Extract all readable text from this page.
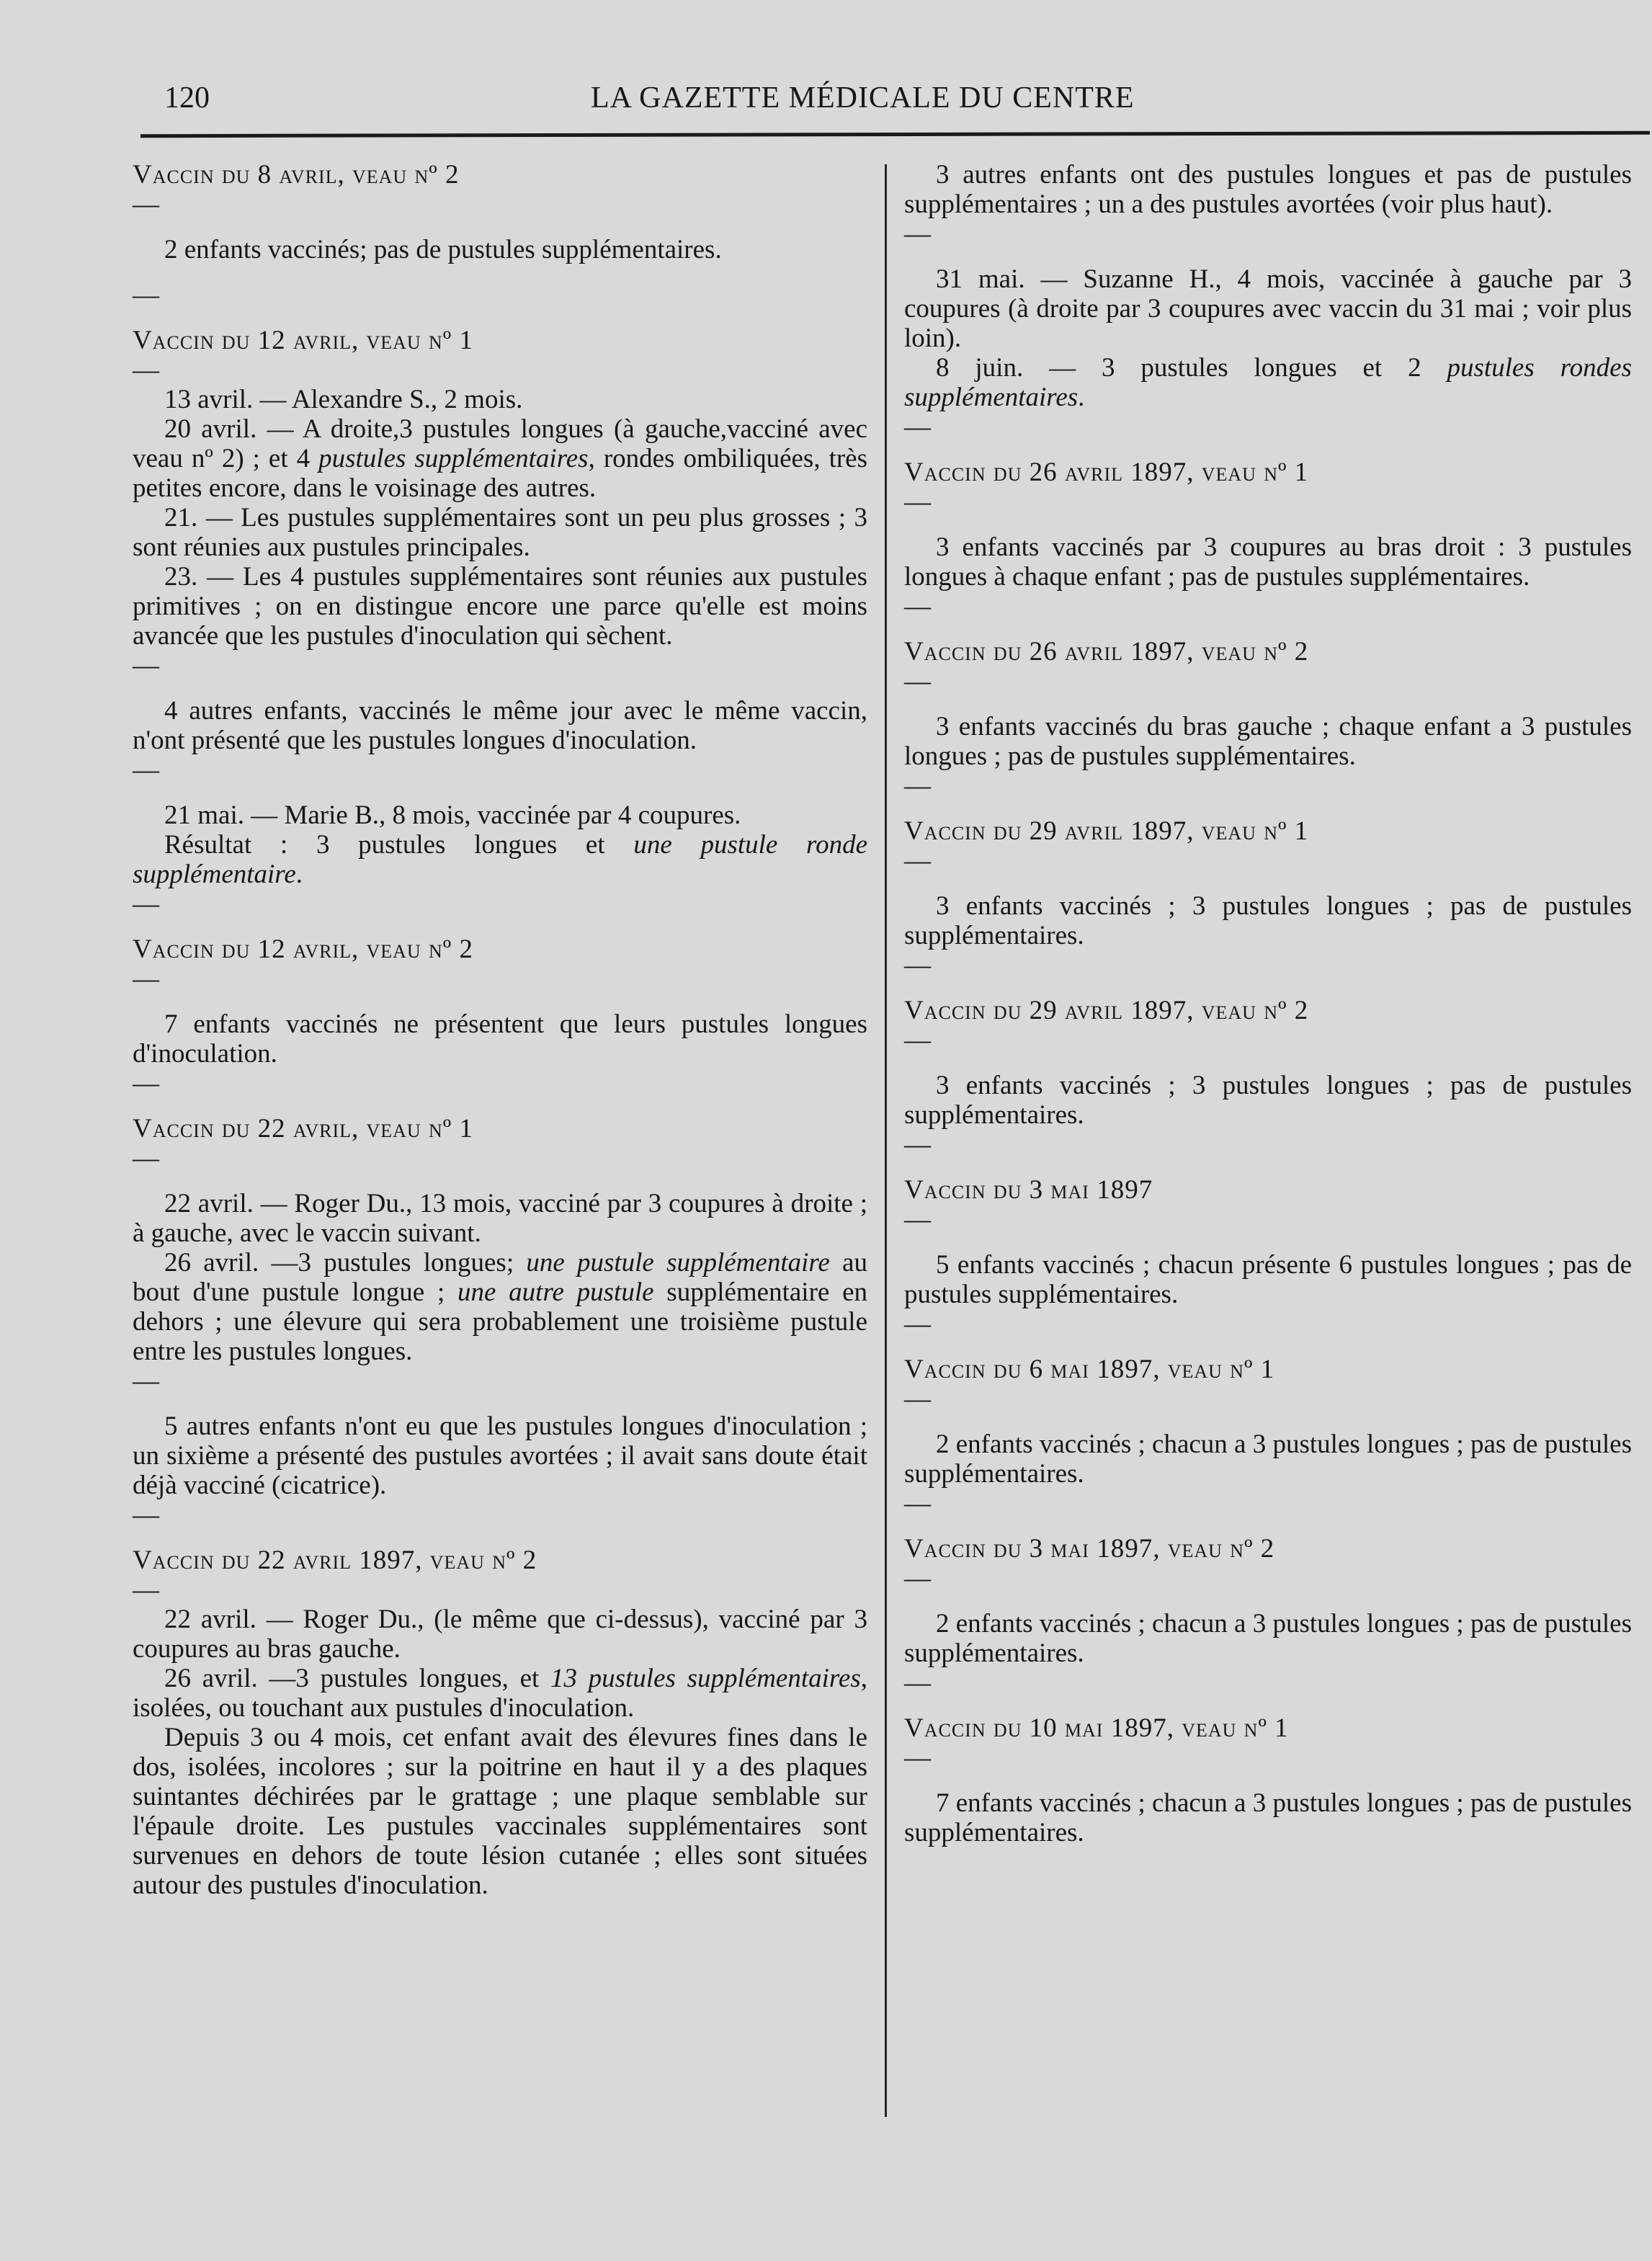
120	LA GAZETTE MÉDICALE DU CENTRE

Vaccin du 8 avril, veau nº 2

—

2 enfants vaccinés; pas de pustules supplémentaires.

—

Vaccin du 12 avril, veau nº 1

—

13 avril. — Alexandre S., 2 mois.

20 avril. — A droite,3 pustules longues (à gauche,vacciné avec veau nº 2) ; et 4 pustules supplémentaires, rondes ombiliquées, très petites encore, dans le voisinage des autres.

21. — Les pustules supplémentaires sont un peu plus grosses ; 3 sont réunies aux pustules principales.

23. — Les 4 pustules supplémentaires sont réunies aux pustules primitives ; on en distingue encore une parce qu'elle est moins avancée que les pustules d'inoculation qui sèchent.

—

4 autres enfants, vaccinés le même jour avec le même vaccin, n'ont présenté que les pustules longues d'inoculation.

—

21 mai. — Marie B., 8 mois, vaccinée par 4 coupures.

Résultat : 3 pustules longues et une pustule ronde supplémentaire.

—

Vaccin du 12 avril, veau nº 2

—

7 enfants vaccinés ne présentent que leurs pustules longues d'inoculation.

—

Vaccin du 22 avril, veau nº 1

—

22 avril. — Roger Du., 13 mois, vacciné par 3 coupures à droite ; à gauche, avec le vaccin suivant.

26 avril. —3 pustules longues; une pustule supplémentaire au bout d'une pustule longue ; une autre pustule supplémentaire en dehors ; une élevure qui sera probablement une troisième pustule entre les pustules longues.

—

5 autres enfants n'ont eu que les pustules longues d'inoculation ; un sixième a présenté des pustules avortées ; il avait sans doute était déjà vacciné (cicatrice).

—

Vaccin du 22 avril 1897, veau nº 2

—

22 avril. — Roger Du., (le même que ci-dessus), vacciné par 3 coupures au bras gauche.

26 avril. —3 pustules longues, et 13 pustules supplémentaires, isolées, ou touchant aux pustules d'inoculation.

Depuis 3 ou 4 mois, cet enfant avait des élevures fines dans le dos, isolées, incolores ; sur la poitrine en haut il y a des plaques suintantes déchirées par le grattage ; une plaque semblable sur l'épaule droite. Les pustules vaccinales supplémentaires sont survenues en dehors de toute lésion cutanée ; elles sont situées autour des pustules d'inoculation.

3 autres enfants ont des pustules longues et pas de pustules supplémentaires ; un a des pustules avortées (voir plus haut).

—

31 mai. — Suzanne H., 4 mois, vaccinée à gauche par 3 coupures (à droite par 3 coupures avec vaccin du 31 mai ; voir plus loin).

8 juin. — 3 pustules longues et 2 pustules rondes supplémentaires.

—

Vaccin du 26 avril 1897, veau nº 1

—

3 enfants vaccinés par 3 coupures au bras droit : 3 pustules longues à chaque enfant ; pas de pustules supplémentaires.

—

Vaccin du 26 avril 1897, veau nº 2

—

3 enfants vaccinés du bras gauche ; chaque enfant a 3 pustules longues ; pas de pustules supplémentaires.

—

Vaccin du 29 avril 1897, veau nº 1

—

3 enfants vaccinés ; 3 pustules longues ; pas de pustules supplémentaires.

—

Vaccin du 29 avril 1897, veau nº 2

—

3 enfants vaccinés ; 3 pustules longues ; pas de pustules supplémentaires.

—

Vaccin du 3 mai 1897

—

5 enfants vaccinés ; chacun présente 6 pustules longues ; pas de pustules supplémentaires.

—

Vaccin du 6 mai 1897, veau nº 1

—

2 enfants vaccinés ; chacun a 3 pustules longues ; pas de pustules supplémentaires.

—

Vaccin du 3 mai 1897, veau nº 2

—

2 enfants vaccinés ; chacun a 3 pustules longues ; pas de pustules supplémentaires.

—

Vaccin du 10 mai 1897, veau nº 1

—

7 enfants vaccinés ; chacun a 3 pustules longues ; pas de pustules supplémentaires.
